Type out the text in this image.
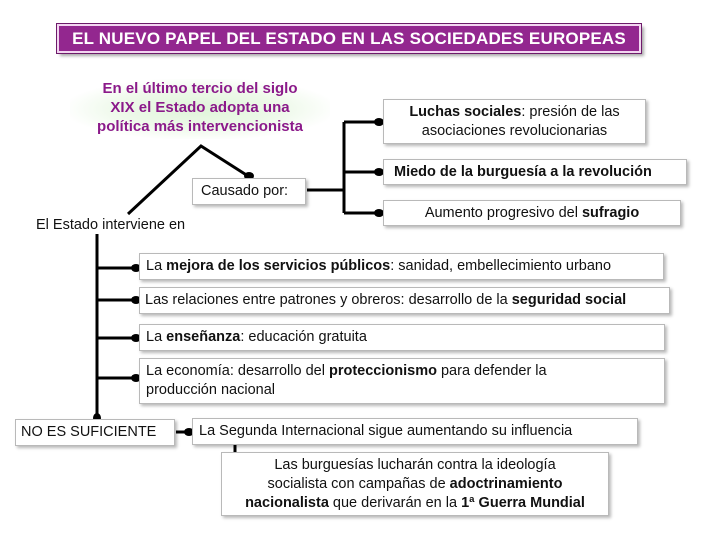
EL NUEVO PAPEL DEL ESTADO EN LAS SOCIEDADES EUROPEAS
En el último tercio del siglo
XIX el Estado adopta una
política más intervencionista
Causado por:
Luchas sociales: presión de las
asociaciones revolucionarias
Miedo de la burguesía a la revolución
Aumento progresivo del sufragio
El Estado interviene en
La mejora de los servicios públicos: sanidad, embellecimiento urbano
Las relaciones entre patrones y obreros: desarrollo de la seguridad social
La enseñanza: educación gratuita
La economía: desarrollo del proteccionismo para defender la
producción nacional
NO ES SUFICIENTE	La Segunda Internacional sigue aumentando su influencia
Las burguesías lucharán contra la ideología
socialista con campañas de adoctrinamiento
nacionalista que derivarán en la 1ª Guerra Mundial
